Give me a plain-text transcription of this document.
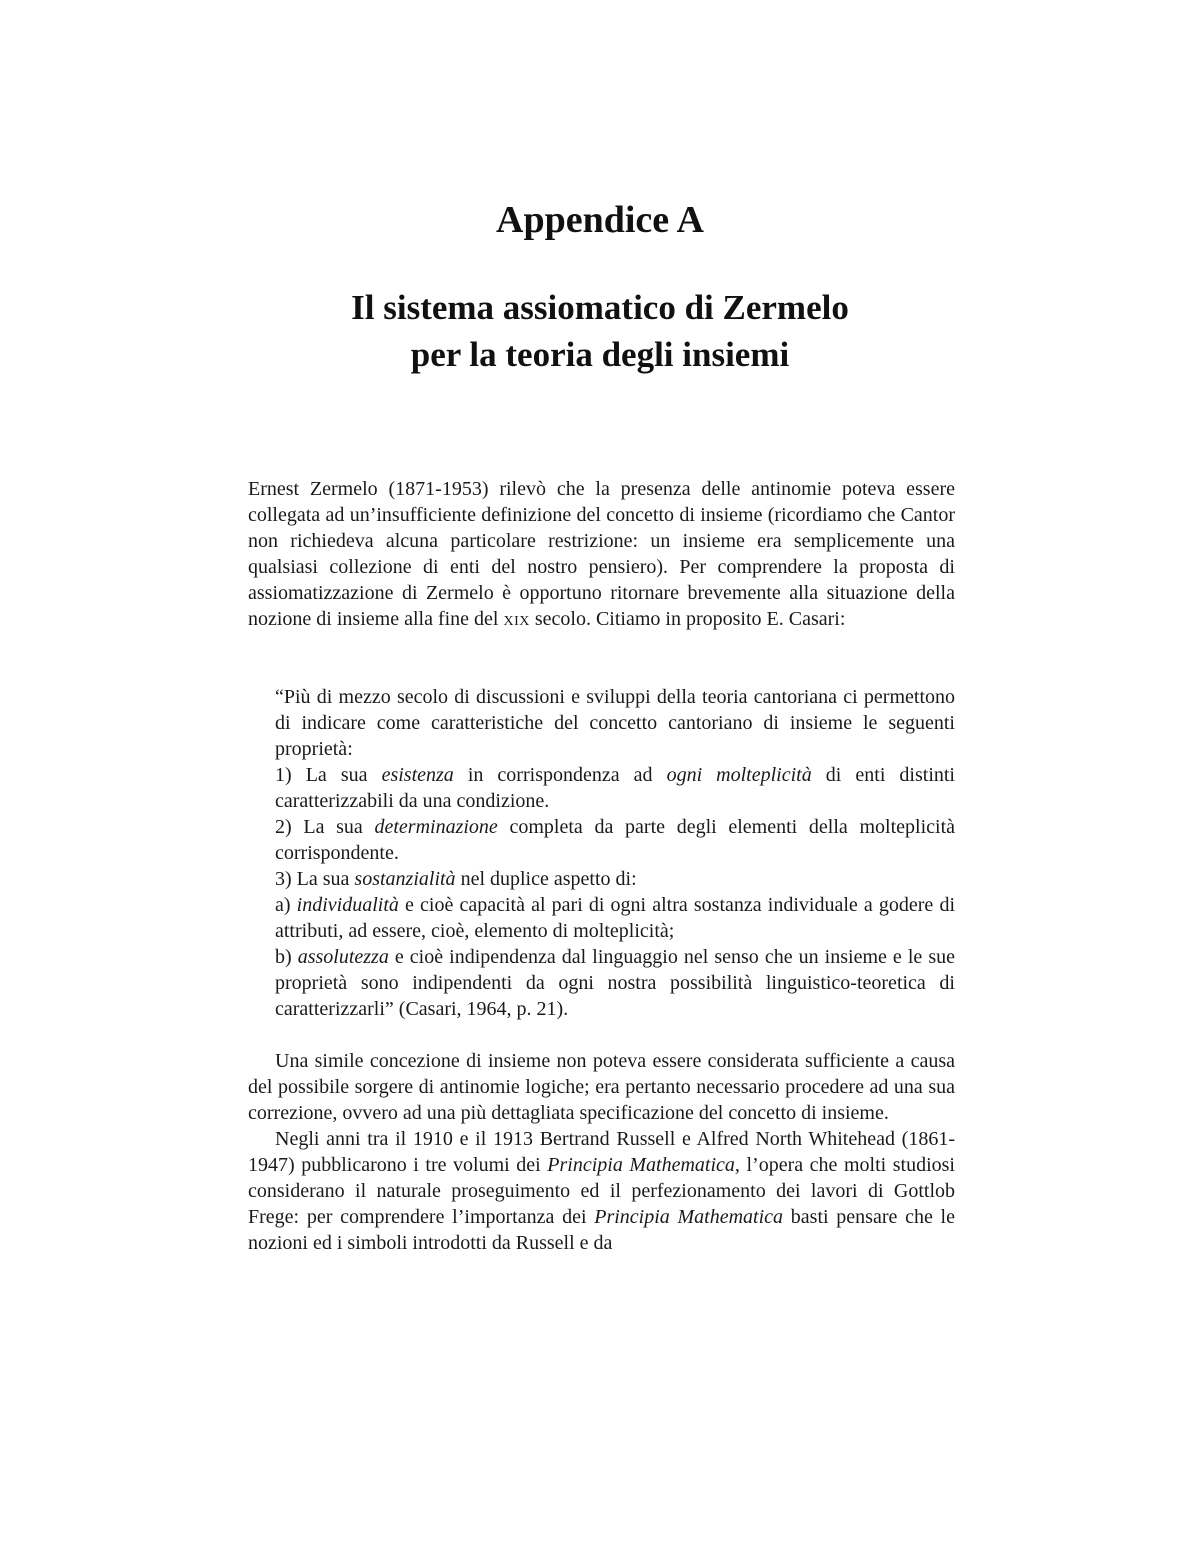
Appendice A
Il sistema assiomatico di Zermelo
per la teoria degli insiemi

Ernest Zermelo (1871-1953) rilevò che la presenza delle antinomie poteva essere collegata ad un’insufficiente definizione del concetto di insieme (ricordiamo che Cantor non richiedeva alcuna particolare restrizione: un insieme era semplicemente una qualsiasi collezione di enti del nostro pensiero). Per comprendere la proposta di assiomatizzazione di Zermelo è opportuno ritornare brevemente alla situazione della nozione di insieme alla fine del xix secolo. Citiamo in proposito E. Casari:

“Più di mezzo secolo di discussioni e sviluppi della teoria cantoriana ci permettono di indicare come caratteristiche del concetto cantoriano di insieme le seguenti proprietà:

1) La sua esistenza in corrispondenza ad ogni molteplicità di enti distinti caratterizzabili da una condizione.

2) La sua determinazione completa da parte degli elementi della molteplicità corrispondente.

3) La sua sostanzialità nel duplice aspetto di:

a) individualità e cioè capacità al pari di ogni altra sostanza individuale a godere di attributi, ad essere, cioè, elemento di molteplicità;

b) assolutezza e cioè indipendenza dal linguaggio nel senso che un insieme e le sue proprietà sono indipendenti da ogni nostra possibilità linguistico-teoretica di caratterizzarli” (Casari, 1964, p. 21).

Una simile concezione di insieme non poteva essere considerata sufficiente a causa del possibile sorgere di antinomie logiche; era pertanto necessario procedere ad una sua correzione, ovvero ad una più dettagliata specificazione del concetto di insieme.

Negli anni tra il 1910 e il 1913 Bertrand Russell e Alfred North Whitehead (1861-1947) pubblicarono i tre volumi dei Principia Mathematica, l’opera che molti studiosi considerano il naturale proseguimento ed il perfezionamento dei lavori di Gottlob Frege: per comprendere l’importanza dei Principia Mathematica basti pensare che le nozioni ed i simboli introdotti da Russell e da
